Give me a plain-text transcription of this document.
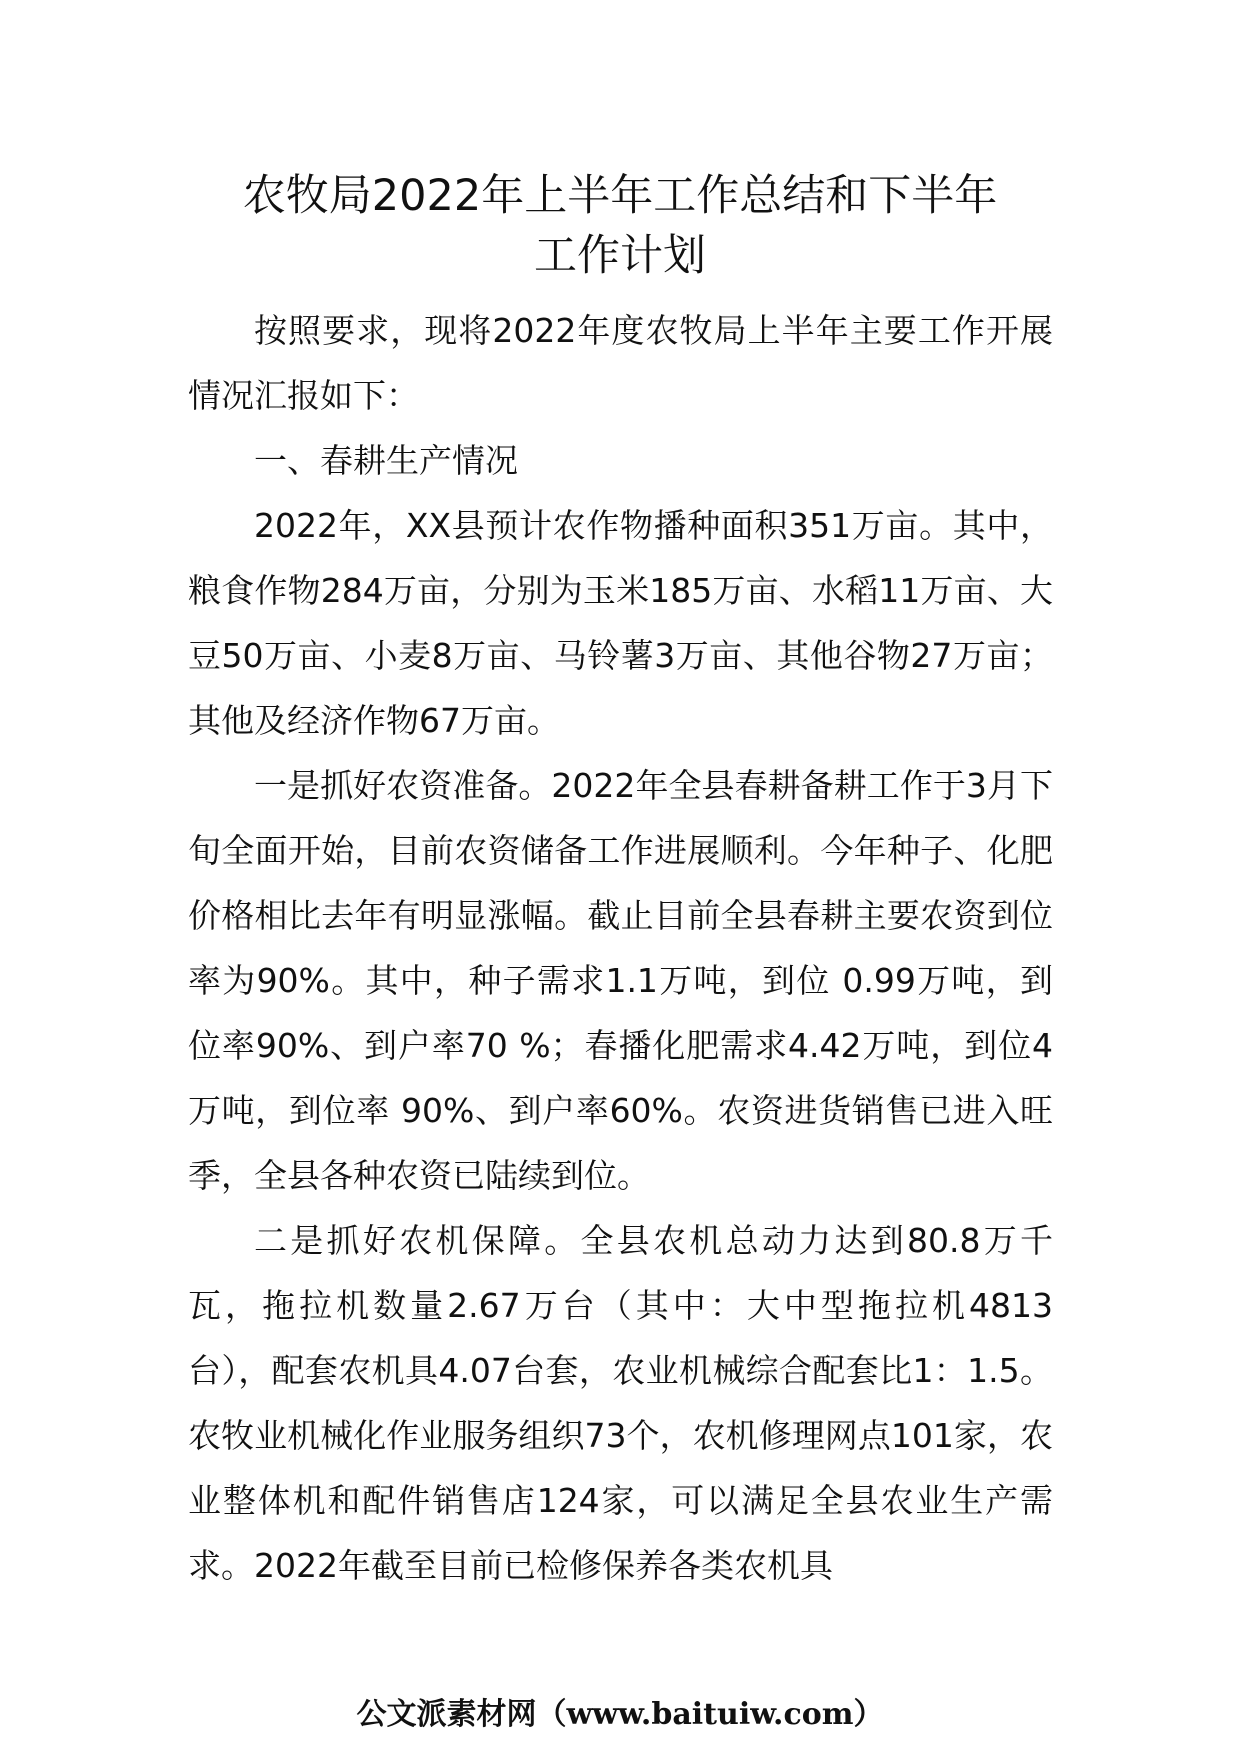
农牧局2022年上半年工作总结和下半年
工作计划

按照要求，现将2022年度农牧局上半年主要工作开展情况汇报如下：

一、春耕生产情况

2022年，XX县预计农作物播种面积351万亩。其中，粮食作物284万亩，分别为玉米185万亩、水稻11万亩、大豆50万亩、小麦8万亩、马铃薯3万亩、其他谷物27万亩；其他及经济作物67万亩。

一是抓好农资准备。2022年全县春耕备耕工作于3月下旬全面开始，目前农资储备工作进展顺利。今年种子、化肥价格相比去年有明显涨幅。截止目前全县春耕主要农资到位率为90%。其中，种子需求1.1万吨，到位 0.99万吨，到位率90%、到户率70 %；春播化肥需求4.42万吨，到位4万吨，到位率 90%、到户率60%。农资进货销售已进入旺季，全县各种农资已陆续到位。

二是抓好农机保障。全县农机总动力达到80.8万千瓦，拖拉机数量2.67万台（其中：大中型拖拉机4813台），配套农机具4.07台套，农业机械综合配套比1：1.5。农牧业机械化作业服务组织73个，农机修理网点101家，农业整体机和配件销售店124家，可以满足全县农业生产需求。2022年截至目前已检修保养各类农机具

公文派素材网（www.baituiw.com）
